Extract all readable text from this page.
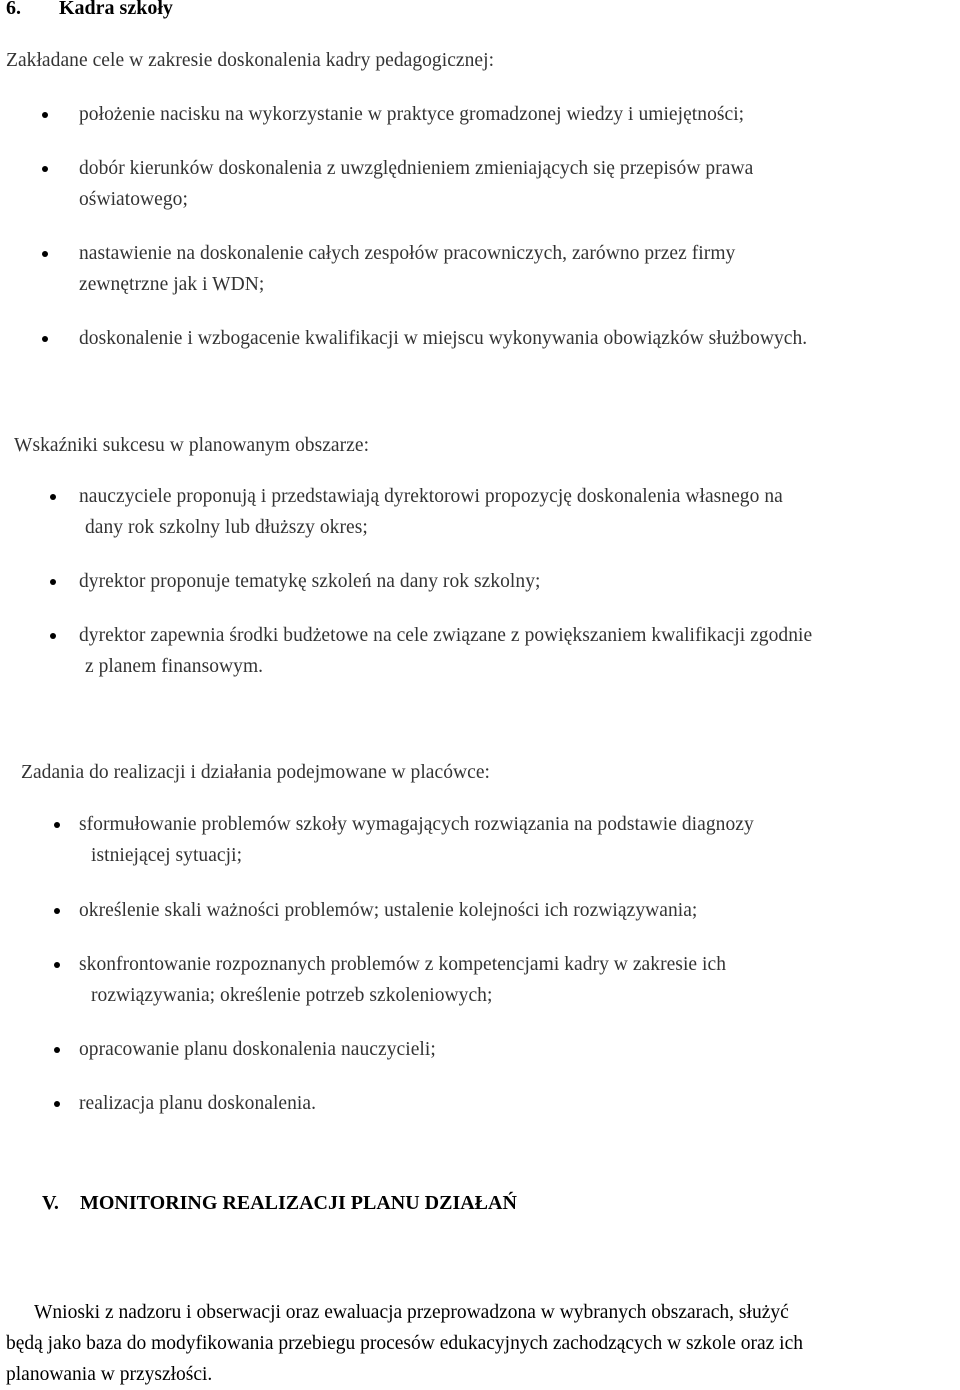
6. Kadra szkoły
Zakładane cele w zakresie doskonalenia kadry pedagogicznej:
położenie nacisku na wykorzystanie w praktyce gromadzonej wiedzy i umiejętności;
dobór kierunków doskonalenia z uwzględnieniem zmieniających się przepisów prawa
oświatowego;
nastawienie na doskonalenie całych zespołów pracowniczych, zarówno przez firmy
zewnętrzne jak i WDN;
doskonalenie i wzbogacenie kwalifikacji w miejscu wykonywania obowiązków służbowych.
Wskaźniki sukcesu w planowanym obszarze:
nauczyciele proponują i przedstawiają dyrektorowi propozycję doskonalenia własnego na
dany rok szkolny lub dłuższy okres;
dyrektor proponuje tematykę szkoleń na dany rok szkolny;
dyrektor zapewnia środki budżetowe na cele związane z powiększaniem kwalifikacji zgodnie
z planem finansowym.
Zadania do realizacji i działania podejmowane w placówce:
sformułowanie problemów szkoły wymagających rozwiązania na podstawie diagnozy
istniejącej sytuacji;
określenie skali ważności problemów; ustalenie kolejności ich rozwiązywania;
skonfrontowanie rozpoznanych problemów z kompetencjami kadry w zakresie ich
rozwiązywania; określenie potrzeb szkoleniowych;
opracowanie planu doskonalenia nauczycieli;
realizacja planu doskonalenia.
V. MONITORING REALIZACJI PLANU DZIAŁAŃ
Wnioski z nadzoru i obserwacji oraz ewaluacja przeprowadzona w wybranych obszarach, służyć
będą jako baza do modyfikowania przebiegu procesów edukacyjnych zachodzących w szkole oraz ich
planowania w przyszłości.
